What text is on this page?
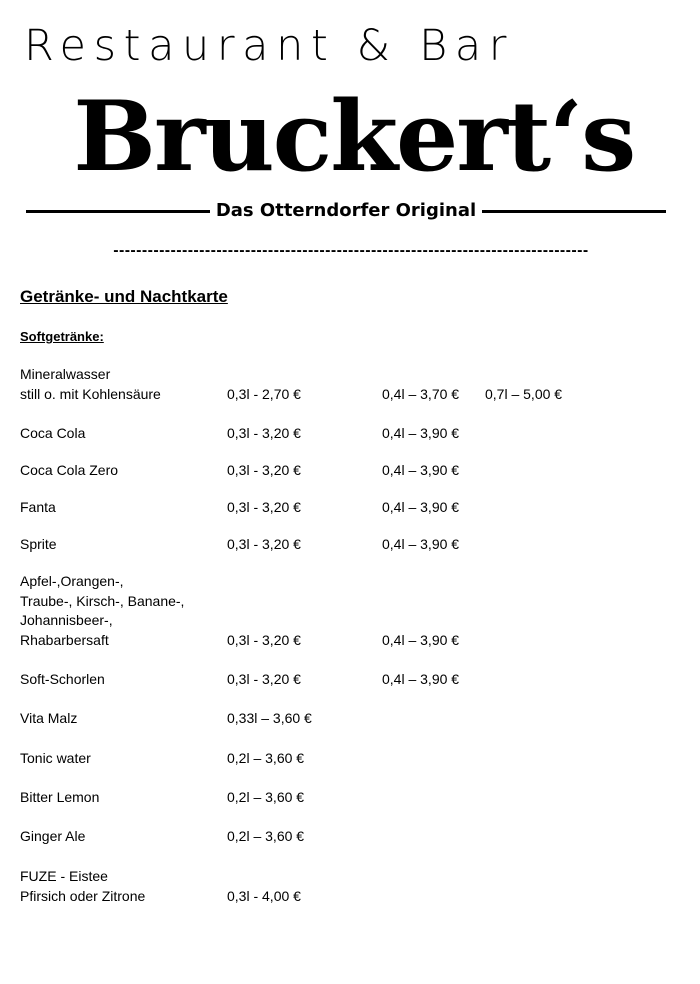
Restaurant & Bar
Bruckert‘s
Das Otterndorfer Original
-----------------------------------------------------------------------------------
Getränke- und Nachtkarte
Softgetränke:
Mineralwasser
still o. mit Kohlensäure	0,3l - 2,70 €	0,4l – 3,70 € 0,7l – 5,00 €
Coca Cola	0,3l - 3,20 €	0,4l – 3,90 €
Coca Cola Zero	0,3l - 3,20 €	0,4l – 3,90 €
Fanta	0,3l - 3,20 €	0,4l – 3,90 €
Sprite	0,3l - 3,20 €	0,4l – 3,90 €
Apfel-,Orangen-,
Traube-, Kirsch-, Banane-,
Johannisbeer-,
Rhabarbersaft	0,3l - 3,20 €	0,4l – 3,90 €
Soft-Schorlen	0,3l - 3,20 €	0,4l – 3,90 €
Vita Malz	0,33l – 3,60 €
Tonic water	0,2l – 3,60 €
Bitter Lemon	0,2l – 3,60 €
Ginger Ale	0,2l – 3,60 €
FUZE - Eistee
Pfirsich oder Zitrone	0,3l - 4,00 €
